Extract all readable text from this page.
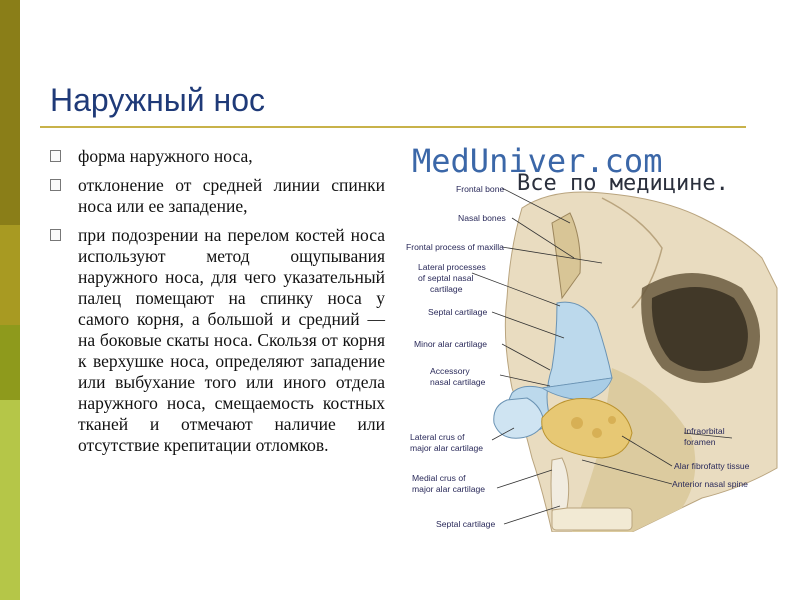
Наружный нос
форма наружного носа,
отклонение от средней линии спинки носа или ее западение,
при подозрении на перелом костей носа используют метод ощупывания наружного носа, для чего указательный палец помещают на спинку носа у самого корня, а большой и средний — на боковые скаты носа. Скользя от корня к верхушке носа, определяют западение или выбухание того или иного отдела наружного носа, смещаемость костных тканей и отмечают наличие или отсутствие крепитации отломков.
MedUniver.com
Все по медицине.
Frontal bone
Nasal bones
Frontal process of maxilla
Lateral processes
of septal nasal
cartilage
Septal cartilage
Minor alar cartilage
Accessory
nasal cartilage
Lateral crus of
major alar cartilage
Medial crus of
major alar cartilage
Septal cartilage
Infraorbital
foramen
Alar fibrofatty tissue
Anterior nasal spine
